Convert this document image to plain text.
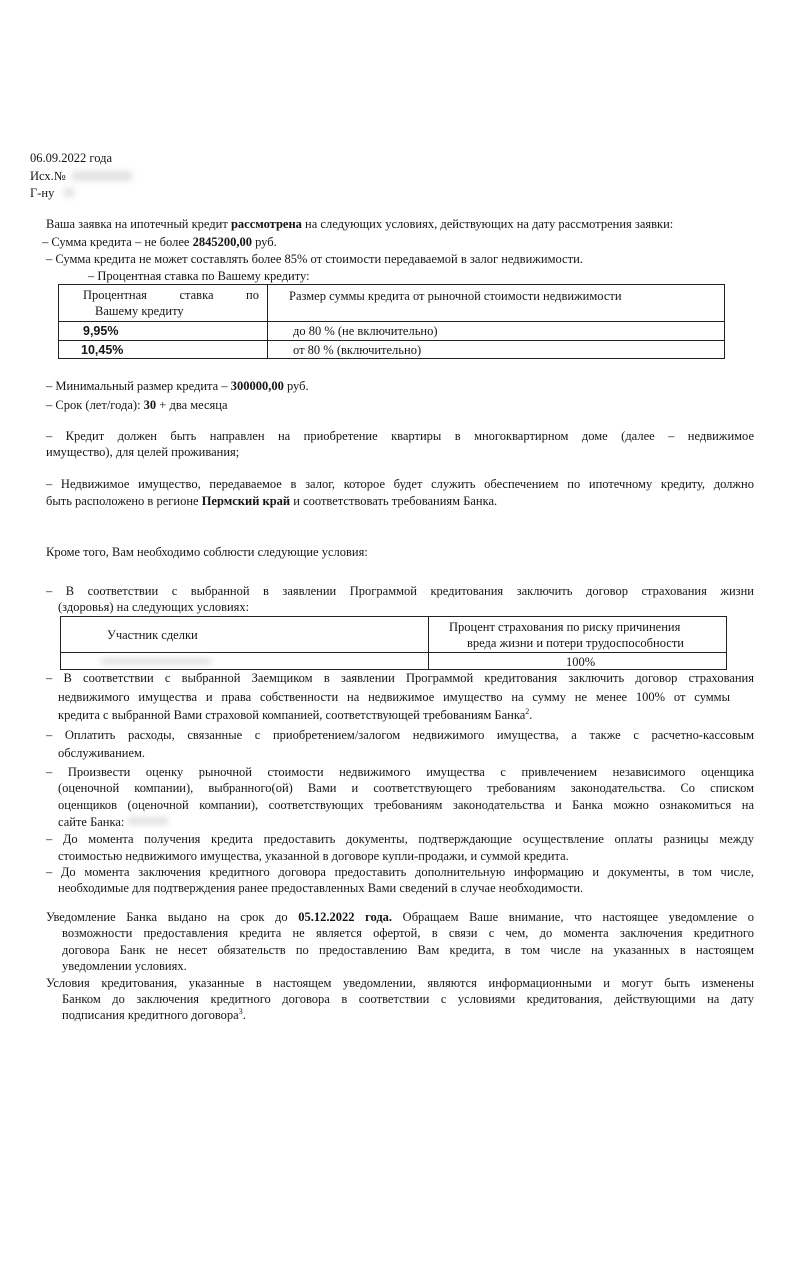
06.09.2022 года
Исх.№
Г-ну
Ваша заявка на ипотечный кредит рассмотрена на следующих условиях, действующих на дату рассмотрения заявки:
– Сумма кредита – не более 2845200,00 руб.
– Сумма кредита не может составлять более 85% от стоимости передаваемой в залог недвижимости.
– Процентная ставка по Вашему кредиту:
Процентная ставка по
Вашему кредиту
Размер суммы кредита от рыночной стоимости недвижимости
9,95%	до 80 % (не включительно)
10,45%	от 80 % (включительно)
– Минимальный размер кредита – 300000,00 руб.
– Срок (лет/года): 30 + два месяца
– Кредит должен быть направлен на приобретение квартиры в многоквартирном доме (далее – недвижимое
имущество), для целей проживания;
– Недвижимое имущество, передаваемое в залог, которое будет служить обеспечением по ипотечному кредиту, должно
быть расположено в регионе Пермский край и соответствовать требованиям Банка.
Кроме того, Вам необходимо соблюсти следующие условия:
– В соответствии с выбранной в заявлении Программой кредитования заключить договор страхования жизни
(здоровья) на следующих условиях:
Участник сделки
Процент страхования по риску причинения
вреда жизни и потери трудоспособности
100%
– В соответствии с выбранной Заемщиком в заявлении Программой кредитования заключить договор страхования
недвижимого имущества и права собственности на недвижимое имущество на сумму не менее 100% от суммы
кредита с выбранной Вами страховой компанией, соответствующей требованиям Банка$^2$.
– Оплатить расходы, связанные с приобретением/залогом недвижимого имущества, а также с расчетно-кассовым
обслуживанием.
– Произвести оценку рыночной стоимости недвижимого имущества с привлечением независимого оценщика
(оценочной компании), выбранного(ой) Вами и соответствующего требованиям законодательства. Со списком
оценщиков (оценочной компании), соответствующих требованиям законодательства и Банка можно ознакомиться на
сайте Банка:
– До момента получения кредита предоставить документы, подтверждающие осуществление оплаты разницы между
стоимостью недвижимого имущества, указанной в договоре купли-продажи, и суммой кредита.
– До момента заключения кредитного договора предоставить дополнительную информацию и документы, в том числе,
необходимые для подтверждения ранее предоставленных Вами сведений в случае необходимости.
Уведомление Банка выдано на срок до 05.12.2022 года. Обращаем Ваше внимание, что настоящее уведомление о
возможности предоставления кредита не является офертой, в связи с чем, до момента заключения кредитного
договора Банк не несет обязательств по предоставлению Вам кредита, в том числе на указанных в настоящем
уведомлении условиях.
Условия кредитования, указанные в настоящем уведомлении, являются информационными и могут быть изменены
Банком до заключения кредитного договора в соответствии с условиями кредитования, действующими на дату
подписания кредитного договора$^3$.
